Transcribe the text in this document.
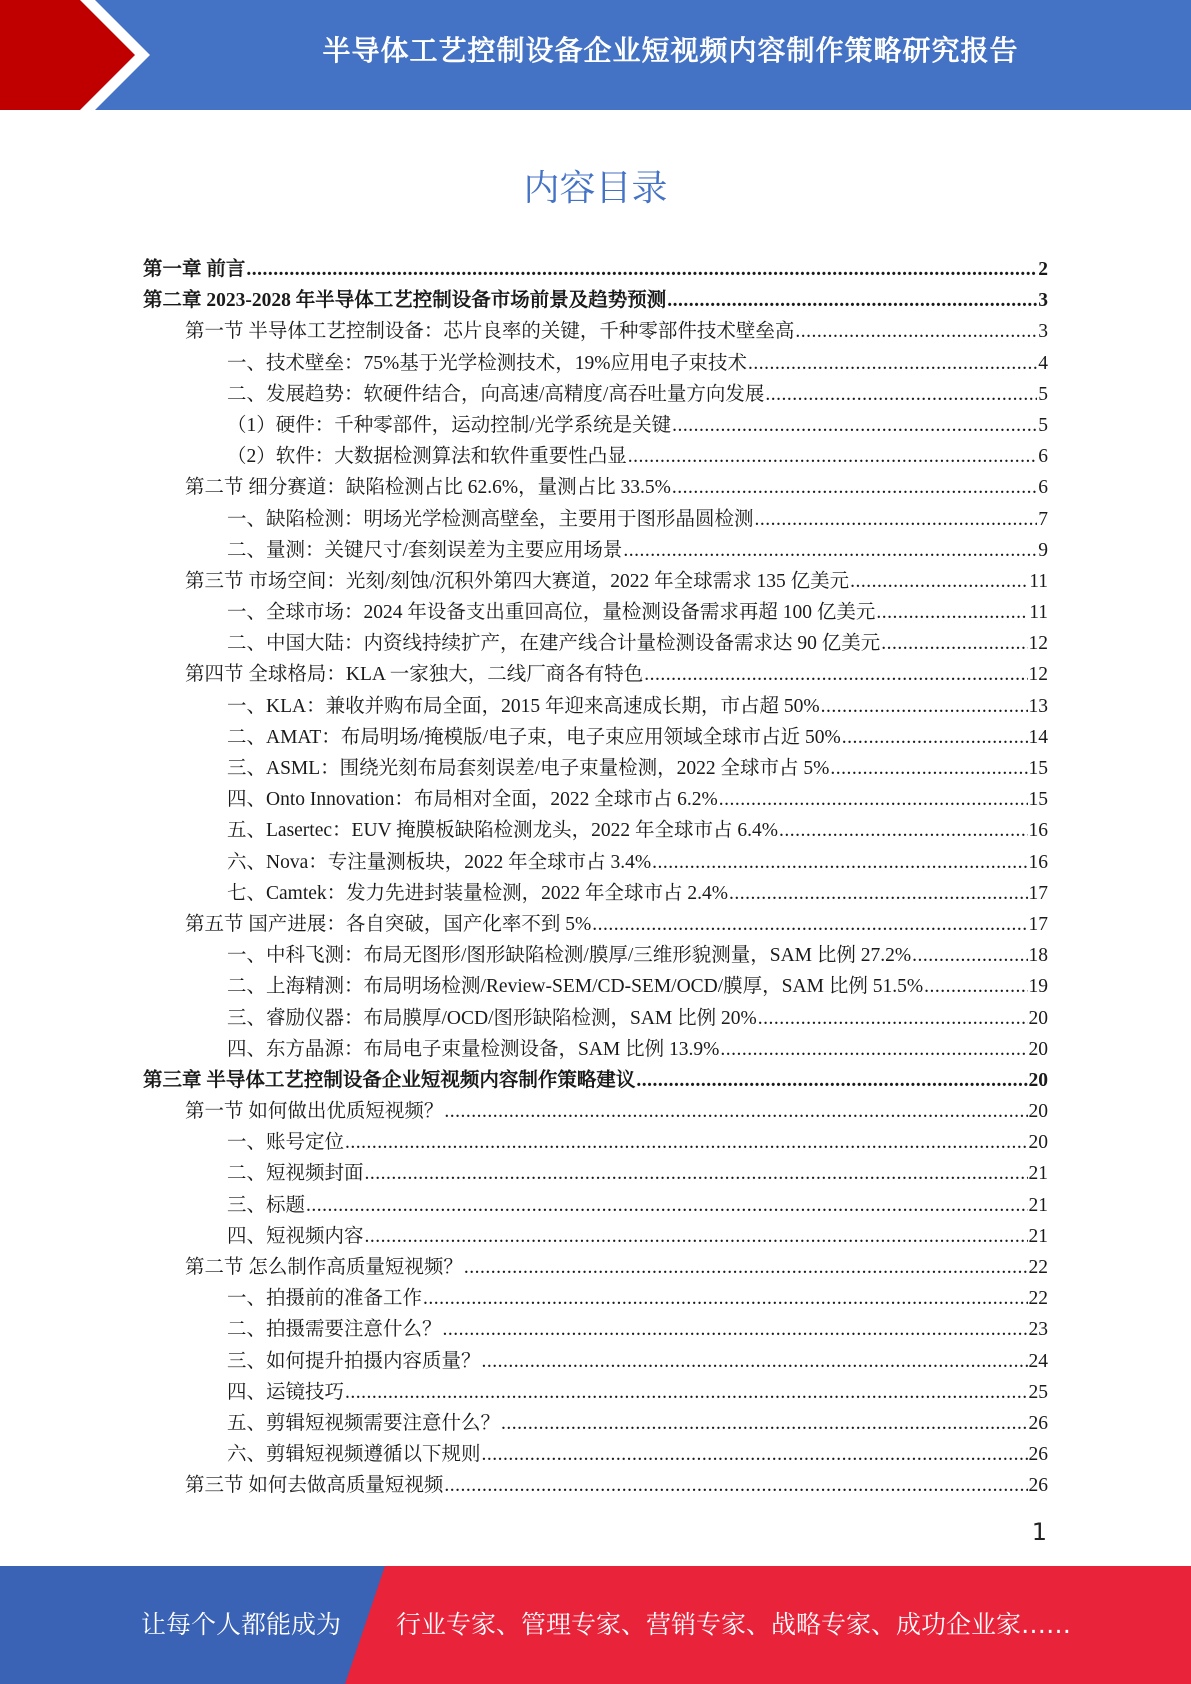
半导体工艺控制设备企业短视频内容制作策略研究报告
内容目录
第一章 前言 .....	2
第二章 2023-2028 年半导体工艺控制设备市场前景及趋势预测 .....	3
第一节 半导体工艺控制设备：芯片良率的关键，千种零部件技术壁垒高 .....	3
一、技术壁垒：75%基于光学检测技术，19%应用电子束技术 .....	4
二、发展趋势：软硬件结合，向高速/高精度/高吞吐量方向发展 .....	5
（1）硬件：千种零部件，运动控制/光学系统是关键 .....	5
（2）软件：大数据检测算法和软件重要性凸显 .....	6
第二节 细分赛道：缺陷检测占比 62.6%，量测占比 33.5% .....	6
一、缺陷检测：明场光学检测高壁垒，主要用于图形晶圆检测 .....	7
二、量测：关键尺寸/套刻误差为主要应用场景 .....	9
第三节 市场空间：光刻/刻蚀/沉积外第四大赛道，2022 年全球需求 135 亿美元 .....	11
一、全球市场：2024 年设备支出重回高位，量检测设备需求再超 100 亿美元 .....	11
二、中国大陆：内资线持续扩产，在建产线合计量检测设备需求达 90 亿美元 .....	12
第四节 全球格局：KLA 一家独大，二线厂商各有特色 .....	12
一、KLA：兼收并购布局全面，2015 年迎来高速成长期，市占超 50% .....	13
二、AMAT：布局明场/掩模版/电子束，电子束应用领域全球市占近 50% .....	14
三、ASML：围绕光刻布局套刻误差/电子束量检测，2022 全球市占 5% .....	15
四、Onto Innovation：布局相对全面，2022 全球市占 6.2% .....	15
五、Lasertec：EUV 掩膜板缺陷检测龙头，2022 年全球市占 6.4% .....	16
六、Nova：专注量测板块，2022 年全球市占 3.4% .....	16
七、Camtek：发力先进封装量检测，2022 年全球市占 2.4% .....	17
第五节 国产进展：各自突破，国产化率不到 5% .....	17
一、中科飞测：布局无图形/图形缺陷检测/膜厚/三维形貌测量，SAM 比例 27.2% .....	18
二、上海精测：布局明场检测/Review-SEM/CD-SEM/OCD/膜厚，SAM 比例 51.5% .....	19
三、睿励仪器：布局膜厚/OCD/图形缺陷检测，SAM 比例 20% .....	20
四、东方晶源：布局电子束量检测设备，SAM 比例 13.9% .....	20
第三章 半导体工艺控制设备企业短视频内容制作策略建议 .....	20
第一节 如何做出优质短视频？ .....	20
一、账号定位 .....	20
二、短视频封面 .....	21
三、标题 .....	21
四、短视频内容 .....	21
第二节 怎么制作高质量短视频？ .....	22
一、拍摄前的准备工作 .....	22
二、拍摄需要注意什么？ .....	23
三、如何提升拍摄内容质量？ .....	24
四、运镜技巧 .....	25
五、剪辑短视频需要注意什么？ .....	26
六、剪辑短视频遵循以下规则 .....	26
第三节 如何去做高质量短视频 .....	26
1
让每个人都能成为 行业专家、管理专家、营销专家、战略专家、成功企业家……
